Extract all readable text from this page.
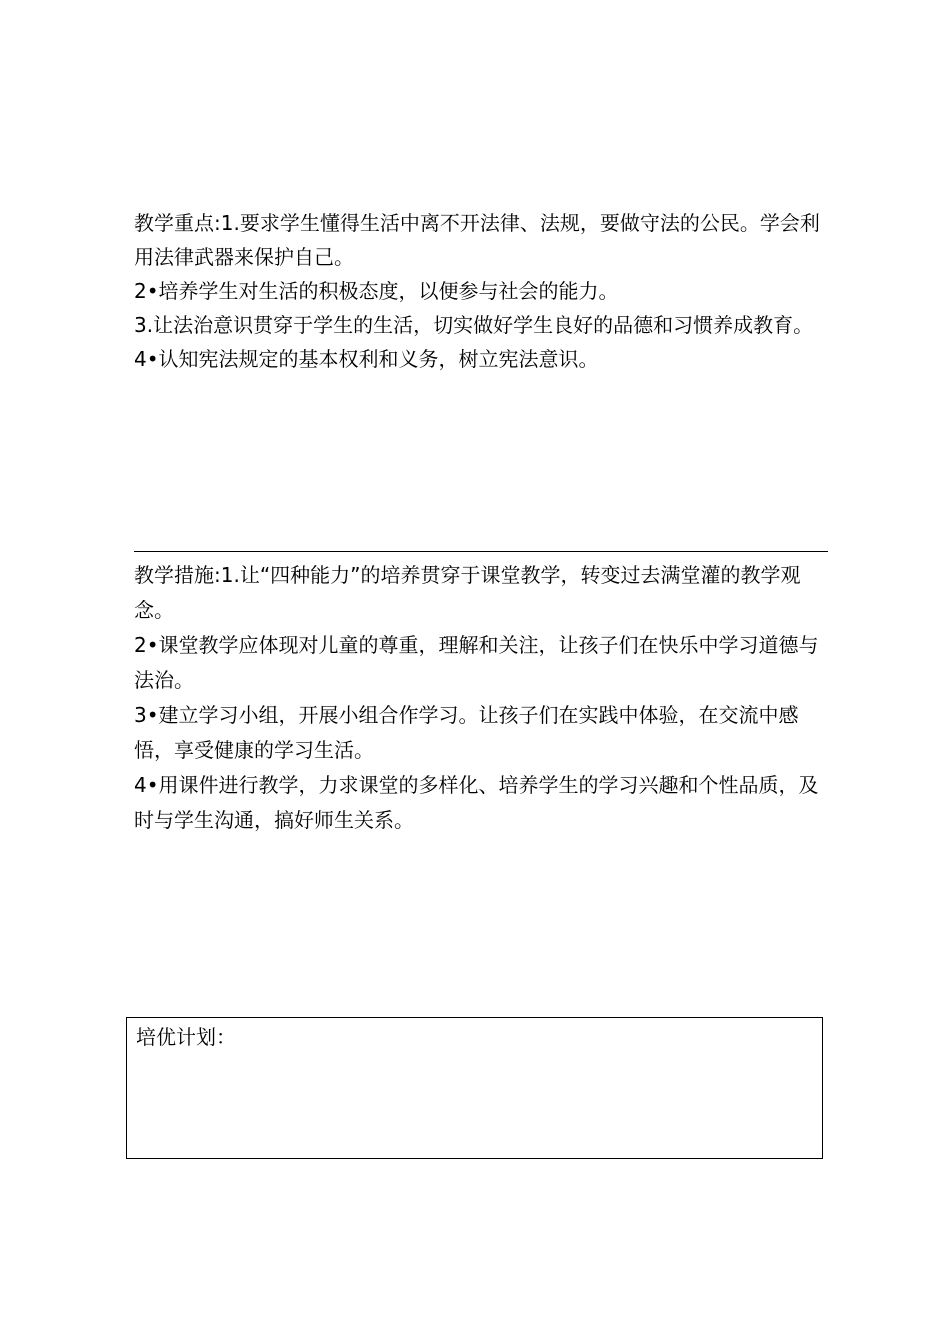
教学重点:1.要求学生懂得生活中离不开法律、法规，要做守法的公民。学会利用法律武器来保护自己。

2•培养学生对生活的积极态度，以便参与社会的能力。

3.让法治意识贯穿于学生的生活，切实做好学生良好的品德和习惯养成教育。

4•认知宪法规定的基本权利和义务，树立宪法意识。

教学措施:1.让“四种能力”的培养贯穿于课堂教学，转变过去满堂灌的教学观念。

2•课堂教学应体现对儿童的尊重，理解和关注，让孩子们在快乐中学习道德与法治。

3•建立学习小组，开展小组合作学习。让孩子们在实践中体验，在交流中感悟，享受健康的学习生活。

4•用课件进行教学，力求课堂的多样化、培养学生的学习兴趣和个性品质，及时与学生沟通，搞好师生关系。

培优计划：
